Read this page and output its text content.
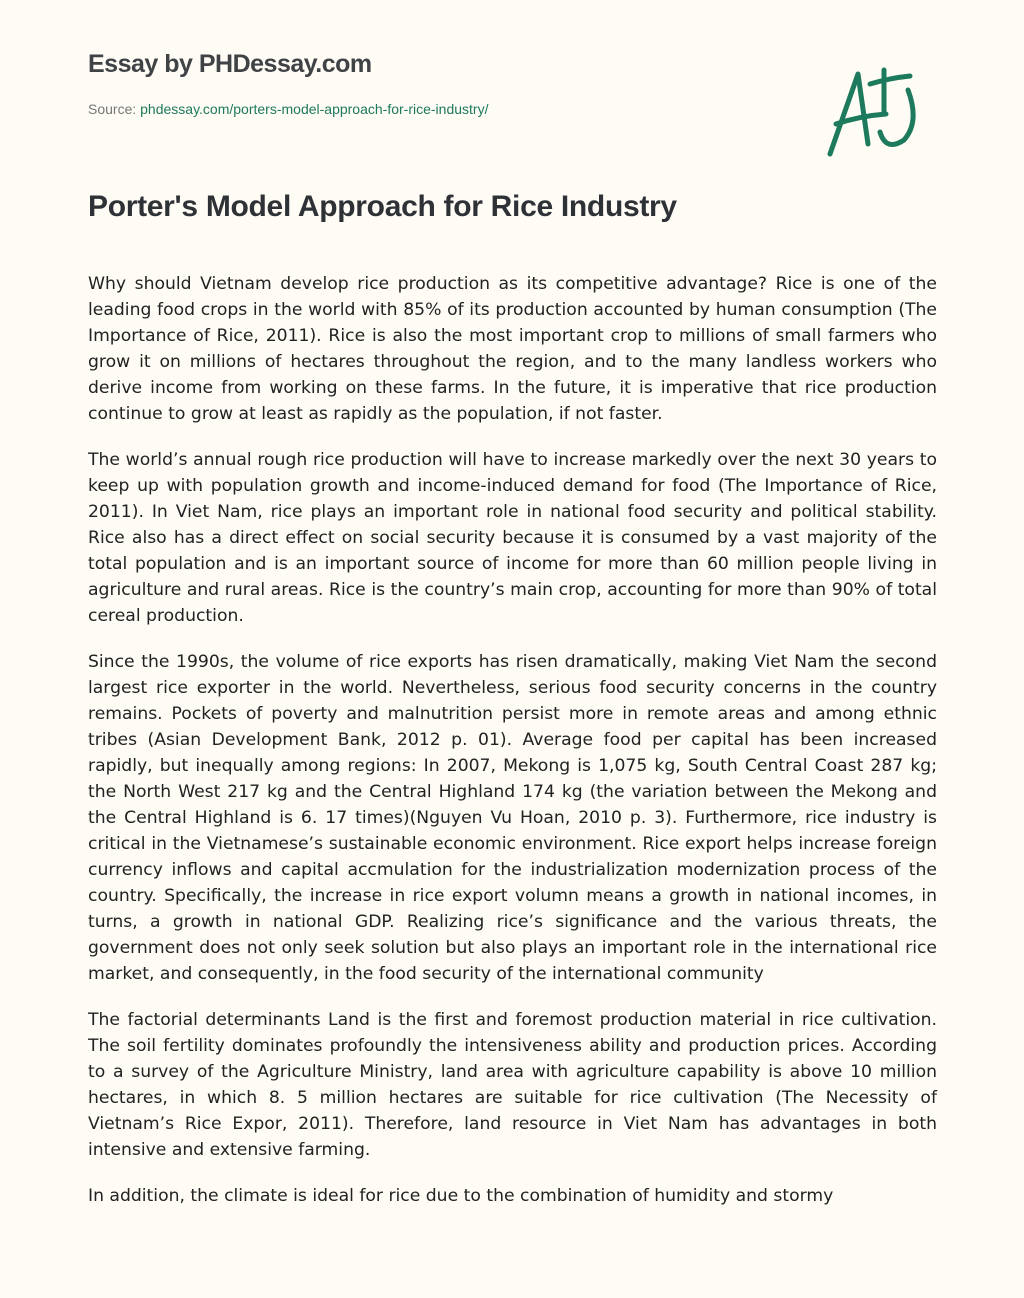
Essay by PHDessay.com
Source: phdessay.com/porters-model-approach-for-rice-industry/
Porter's Model Approach for Rice Industry

Why should Vietnam develop rice production as its competitive advantage? Rice is one of the leading food crops in the world with 85% of its production accounted by human consumption (The Importance of Rice, 2011). Rice is also the most important crop to millions of small farmers who grow it on millions of hectares throughout the region, and to the many landless workers who derive income from working on these farms. In the future, it is imperative that rice production continue to grow at least as rapidly as the population, if not faster.

The world’s annual rough rice production will have to increase markedly over the next 30 years to keep up with population growth and income-induced demand for food (The Importance of Rice, 2011). In Viet Nam, rice plays an important role in national food security and political stability. Rice also has a direct effect on social security because it is consumed by a vast majority of the total population and is an important source of income for more than 60 million people living in agriculture and rural areas. Rice is the country’s main crop, accounting for more than 90% of total cereal production.

Since the 1990s, the volume of rice exports has risen dramatically, making Viet Nam the second largest rice exporter in the world. Nevertheless, serious food security concerns in the country remains. Pockets of poverty and malnutrition persist more in remote areas and among ethnic tribes (Asian Development Bank, 2012 p. 01). Average food per capital has been increased rapidly, but inequally among regions: In 2007, Mekong is 1,075 kg, South Central Coast 287 kg; the North West 217 kg and the Central Highland 174 kg (the variation between the Mekong and the Central Highland is 6. 17 times)(Nguyen Vu Hoan, 2010 p. 3). Furthermore, rice industry is critical in the Vietnamese’s sustainable economic environment. Rice export helps increase foreign currency inflows and capital accmulation for the industrialization modernization process of the country. Specifically, the increase in rice export volumn means a growth in national incomes, in turns, a growth in national GDP. Realizing rice’s significance and the various threats, the government does not only seek solution but also plays an important role in the international rice market, and consequently, in the food security of the international community

The factorial determinants Land is the first and foremost production material in rice cultivation. The soil fertility dominates profoundly the intensiveness ability and production prices. According to a survey of the Agriculture Ministry, land area with agriculture capability is above 10 million hectares, in which 8. 5 million hectares are suitable for rice cultivation (The Necessity of Vietnam’s Rice Expor, 2011). Therefore, land resource in Viet Nam has advantages in both intensive and extensive farming.

In addition, the climate is ideal for rice due to the combination of humidity and stormy
